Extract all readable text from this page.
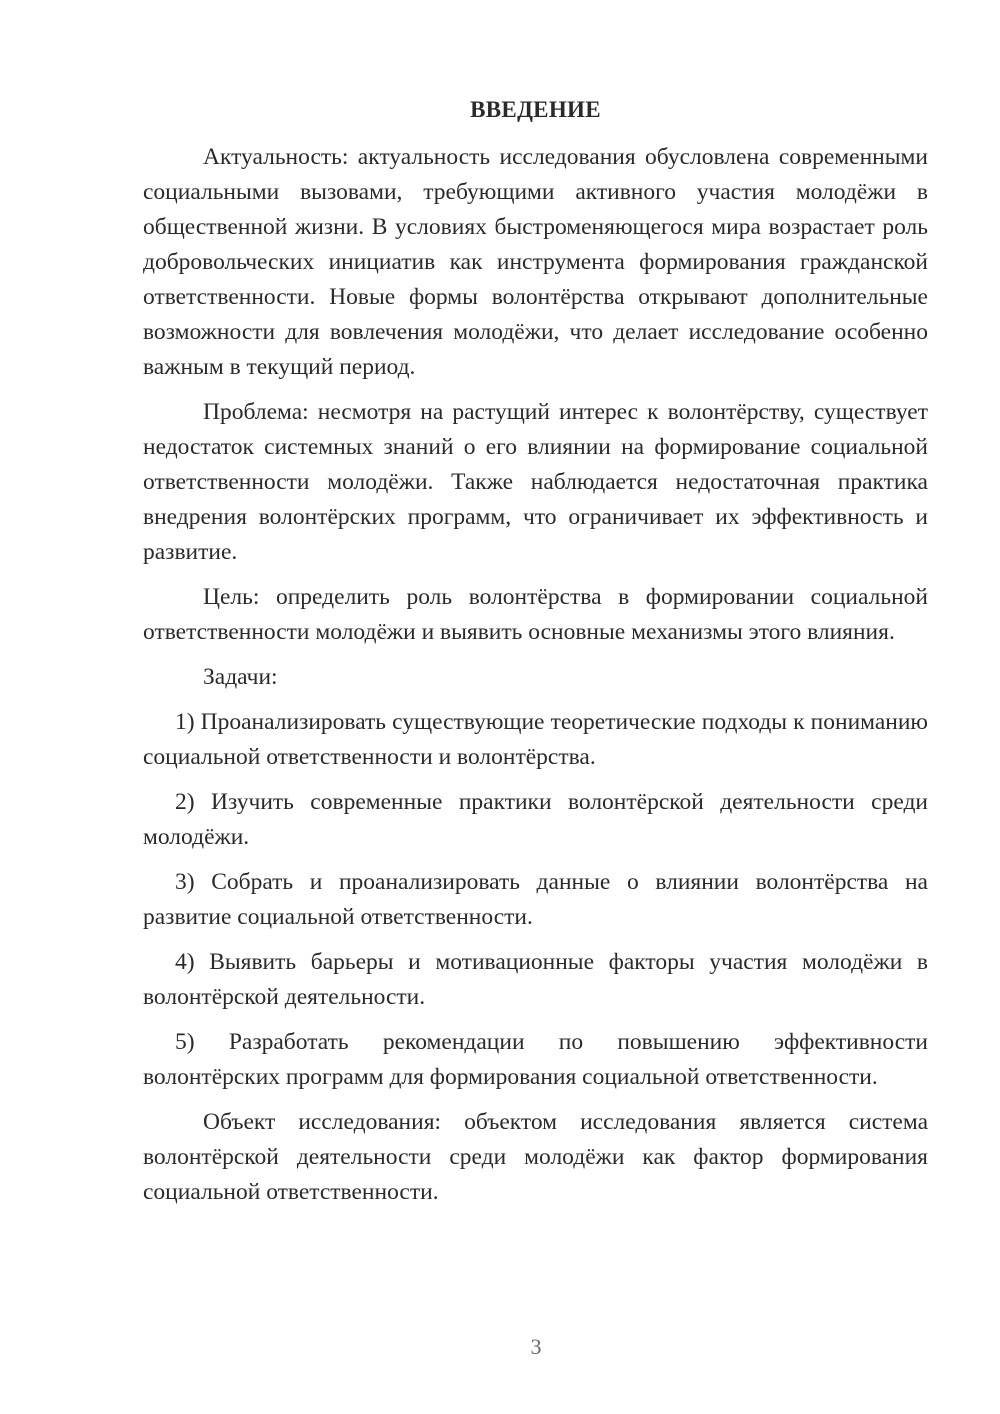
ВВЕДЕНИЕ

Актуальность: актуальность исследования обусловлена современными социальными вызовами, требующими активного участия молодёжи в общественной жизни. В условиях быстроменяющегося мира возрастает роль добровольческих инициатив как инструмента формирования гражданской ответственности. Новые формы волонтёрства открывают дополнительные возможности для вовлечения молодёжи, что делает исследование особенно важным в текущий период.

Проблема: несмотря на растущий интерес к волонтёрству, существует недостаток системных знаний о его влиянии на формирование социальной ответственности молодёжи. Также наблюдается недостаточная практика внедрения волонтёрских программ, что ограничивает их эффективность и развитие.

Цель: определить роль волонтёрства в формировании социальной ответственности молодёжи и выявить основные механизмы этого влияния.

Задачи:

1) Проанализировать существующие теоретические подходы к пониманию социальной ответственности и волонтёрства.

2) Изучить современные практики волонтёрской деятельности среди молодёжи.

3) Собрать и проанализировать данные о влиянии волонтёрства на развитие социальной ответственности.

4) Выявить барьеры и мотивационные факторы участия молодёжи в волонтёрской деятельности.

5) Разработать рекомендации по повышению эффективности волонтёрских программ для формирования социальной ответственности.

Объект исследования: объектом исследования является система волонтёрской деятельности среди молодёжи как фактор формирования социальной ответственности.

3
